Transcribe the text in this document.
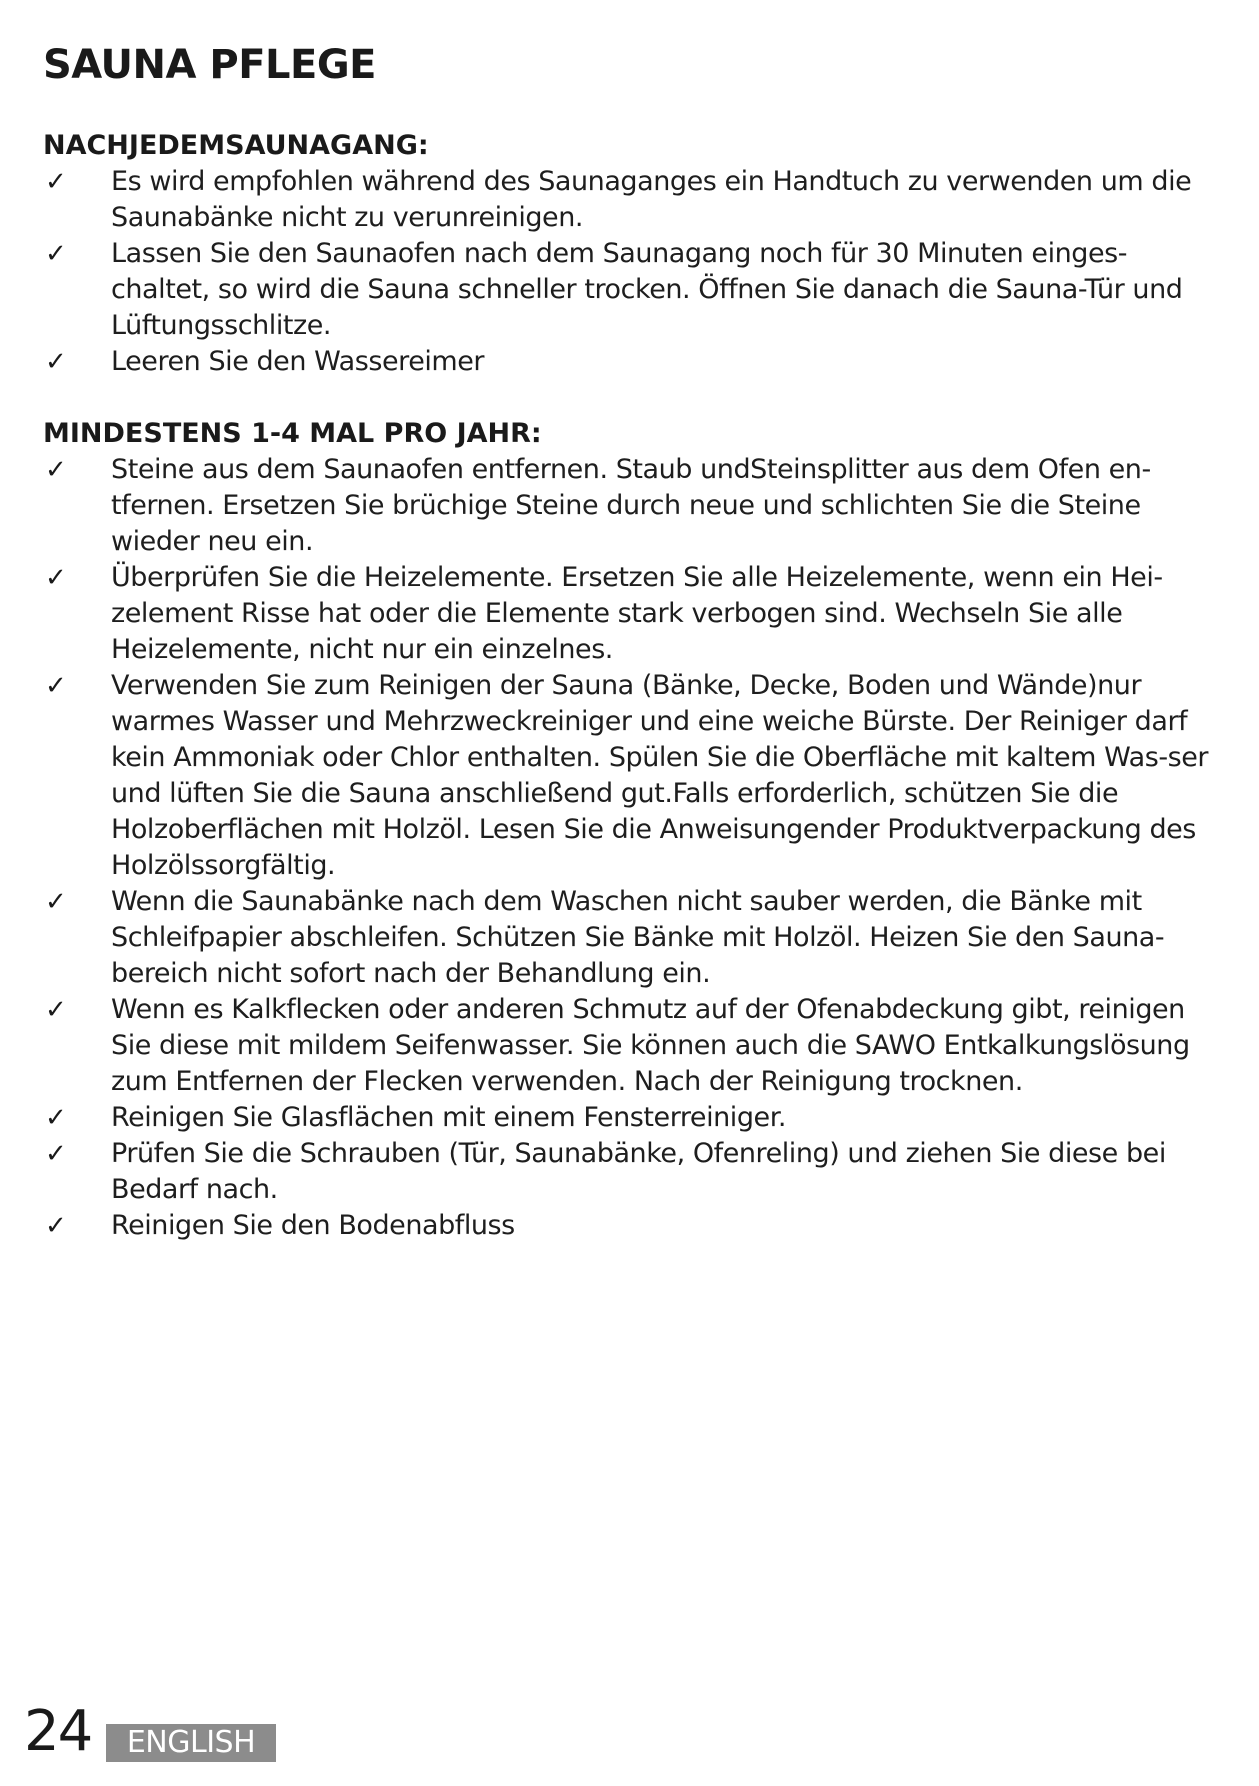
SAUNA PFLEGE
NACHJEDEMSAUNAGANG:
✓ Es wird empfohlen während des Saunaganges ein Handtuch zu verwenden um die Saunabänke nicht zu verunreinigen.
✓ Lassen Sie den Saunaofen nach dem Saunagang noch für 30 Minuten einges-chaltet, so wird die Sauna schneller trocken. Öffnen Sie danach die Sauna-Tür und Lüftungsschlitze.
✓ Leeren Sie den Wassereimer
MINDESTENS 1-4 MAL PRO JAHR:
✓ Steine aus dem Saunaofen entfernen. Staub undSteinsplitter aus dem Ofen en-tfernen. Ersetzen Sie brüchige Steine durch neue und schlichten Sie die Steine wieder neu ein.
✓ Überprüfen Sie die Heizelemente. Ersetzen Sie alle Heizelemente, wenn ein Hei-zelement Risse hat oder die Elemente stark verbogen sind. Wechseln Sie alle Heizelemente, nicht nur ein einzelnes.
✓ Verwenden Sie zum Reinigen der Sauna (Bänke, Decke, Boden und Wände)nur warmes Wasser und Mehrzweckreiniger und eine weiche Bürste. Der Reiniger darf kein Ammoniak oder Chlor enthalten. Spülen Sie die Oberfläche mit kaltem Was-ser und lüften Sie die Sauna anschließend gut.Falls erforderlich, schützen Sie die Holzoberflächen mit Holzöl. Lesen Sie die Anweisungender Produktverpackung des Holzölssorgfältig.
✓ Wenn die Saunabänke nach dem Waschen nicht sauber werden, die Bänke mit Schleifpapier abschleifen. Schützen Sie Bänke mit Holzöl. Heizen Sie den Sauna-bereich nicht sofort nach der Behandlung ein.
✓ Wenn es Kalkflecken oder anderen Schmutz auf der Ofenabdeckung gibt, reinigen Sie diese mit mildem Seifenwasser. Sie können auch die SAWO Entkalkungslösung zum Entfernen der Flecken verwenden. Nach der Reinigung trocknen.
✓ Reinigen Sie Glasflächen mit einem Fensterreiniger.
✓ Prüfen Sie die Schrauben (Tür, Saunabänke, Ofenreling) und ziehen Sie diese bei Bedarf nach.
✓ Reinigen Sie den Bodenabfluss
24	ENGLISH
